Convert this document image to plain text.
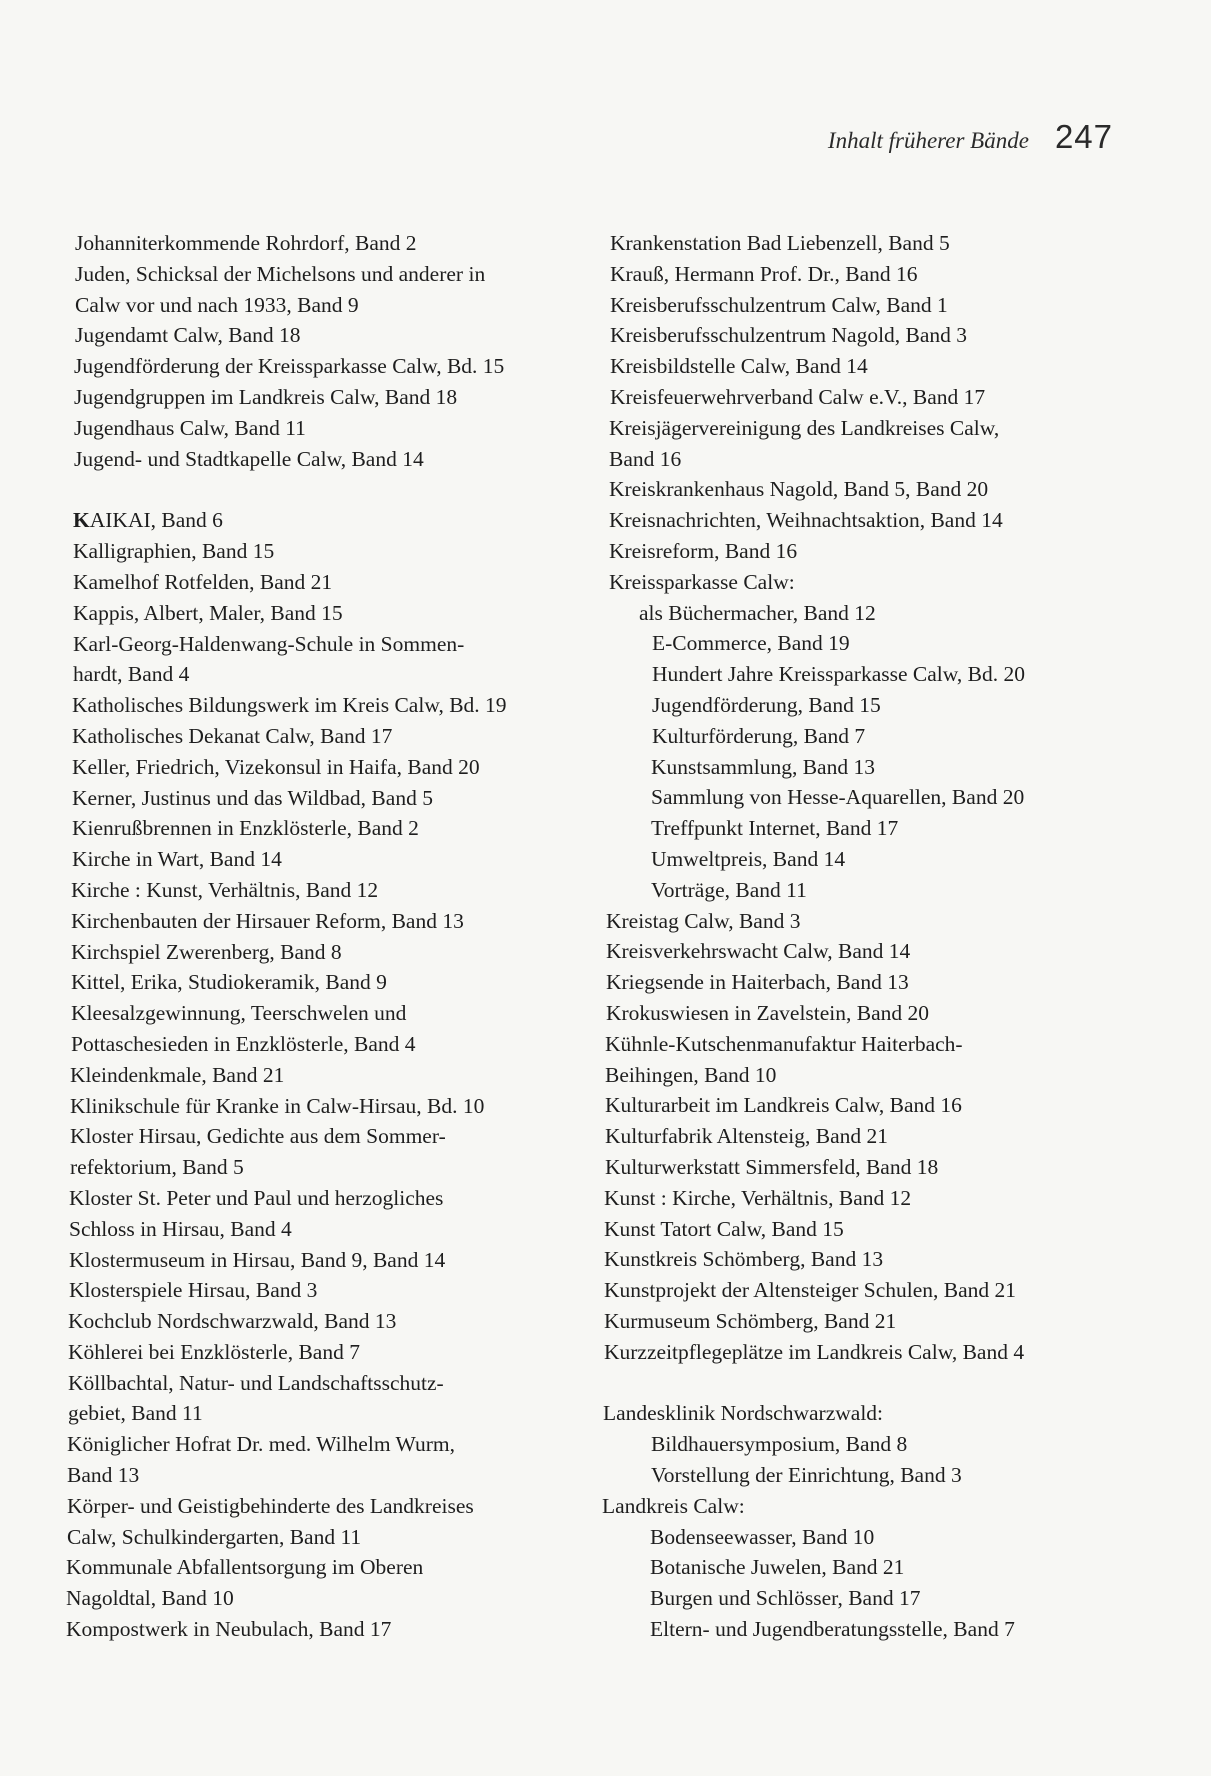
Inhalt früherer Bände 247
Johanniterkommende Rohrdorf, Band 2
Juden, Schicksal der Michelsons und anderer in
Calw vor und nach 1933, Band 9
Jugendamt Calw, Band 18
Jugendförderung der Kreissparkasse Calw, Bd. 15
Jugendgruppen im Landkreis Calw, Band 18
Jugendhaus Calw, Band 11
Jugend- und Stadtkapelle Calw, Band 14
KAIKAI, Band 6
Kalligraphien, Band 15
Kamelhof Rotfelden, Band 21
Kappis, Albert, Maler, Band 15
Karl-Georg-Haldenwang-Schule in Sommen-
hardt, Band 4
Katholisches Bildungswerk im Kreis Calw, Bd. 19
Katholisches Dekanat Calw, Band 17
Keller, Friedrich, Vizekonsul in Haifa, Band 20
Kerner, Justinus und das Wildbad, Band 5
Kienrußbrennen in Enzklösterle, Band 2
Kirche in Wart, Band 14
Kirche : Kunst, Verhältnis, Band 12
Kirchenbauten der Hirsauer Reform, Band 13
Kirchspiel Zwerenberg, Band 8
Kittel, Erika, Studiokeramik, Band 9
Kleesalzgewinnung, Teerschwelen und
Pottaschesieden in Enzklösterle, Band 4
Kleindenkmale, Band 21
Klinikschule für Kranke in Calw-Hirsau, Bd. 10
Kloster Hirsau, Gedichte aus dem Sommer-
refektorium, Band 5
Kloster St. Peter und Paul und herzogliches
Schloss in Hirsau, Band 4
Klostermuseum in Hirsau, Band 9, Band 14
Klosterspiele Hirsau, Band 3
Kochclub Nordschwarzwald, Band 13
Köhlerei bei Enzklösterle, Band 7
Köllbachtal, Natur- und Landschaftsschutz-
gebiet, Band 11
Königlicher Hofrat Dr. med. Wilhelm Wurm,
Band 13
Körper- und Geistigbehinderte des Landkreises
Calw, Schulkindergarten, Band 11
Kommunale Abfallentsorgung im Oberen
Nagoldtal, Band 10
Kompostwerk in Neubulach, Band 17
Krankenstation Bad Liebenzell, Band 5
Krauß, Hermann Prof. Dr., Band 16
Kreisberufsschulzentrum Calw, Band 1
Kreisberufsschulzentrum Nagold, Band 3
Kreisbildstelle Calw, Band 14
Kreisfeuerwehrverband Calw e.V., Band 17
Kreisjägervereinigung des Landkreises Calw,
Band 16
Kreiskrankenhaus Nagold, Band 5, Band 20
Kreisnachrichten, Weihnachtsaktion, Band 14
Kreisreform, Band 16
Kreissparkasse Calw:
als Büchermacher, Band 12
E-Commerce, Band 19
Hundert Jahre Kreissparkasse Calw, Bd. 20
Jugendförderung, Band 15
Kulturförderung, Band 7
Kunstsammlung, Band 13
Sammlung von Hesse-Aquarellen, Band 20
Treffpunkt Internet, Band 17
Umweltpreis, Band 14
Vorträge, Band 11
Kreistag Calw, Band 3
Kreisverkehrswacht Calw, Band 14
Kriegsende in Haiterbach, Band 13
Krokuswiesen in Zavelstein, Band 20
Kühnle-Kutschenmanufaktur Haiterbach-
Beihingen, Band 10
Kulturarbeit im Landkreis Calw, Band 16
Kulturfabrik Altensteig, Band 21
Kulturwerkstatt Simmersfeld, Band 18
Kunst : Kirche, Verhältnis, Band 12
Kunst Tatort Calw, Band 15
Kunstkreis Schömberg, Band 13
Kunstprojekt der Altensteiger Schulen, Band 21
Kurmuseum Schömberg, Band 21
Kurzzeitpflegeplätze im Landkreis Calw, Band 4
Landesklinik Nordschwarzwald:
Bildhauersymposium, Band 8
Vorstellung der Einrichtung, Band 3
Landkreis Calw:
Bodenseewasser, Band 10
Botanische Juwelen, Band 21
Burgen und Schlösser, Band 17
Eltern- und Jugendberatungsstelle, Band 7
